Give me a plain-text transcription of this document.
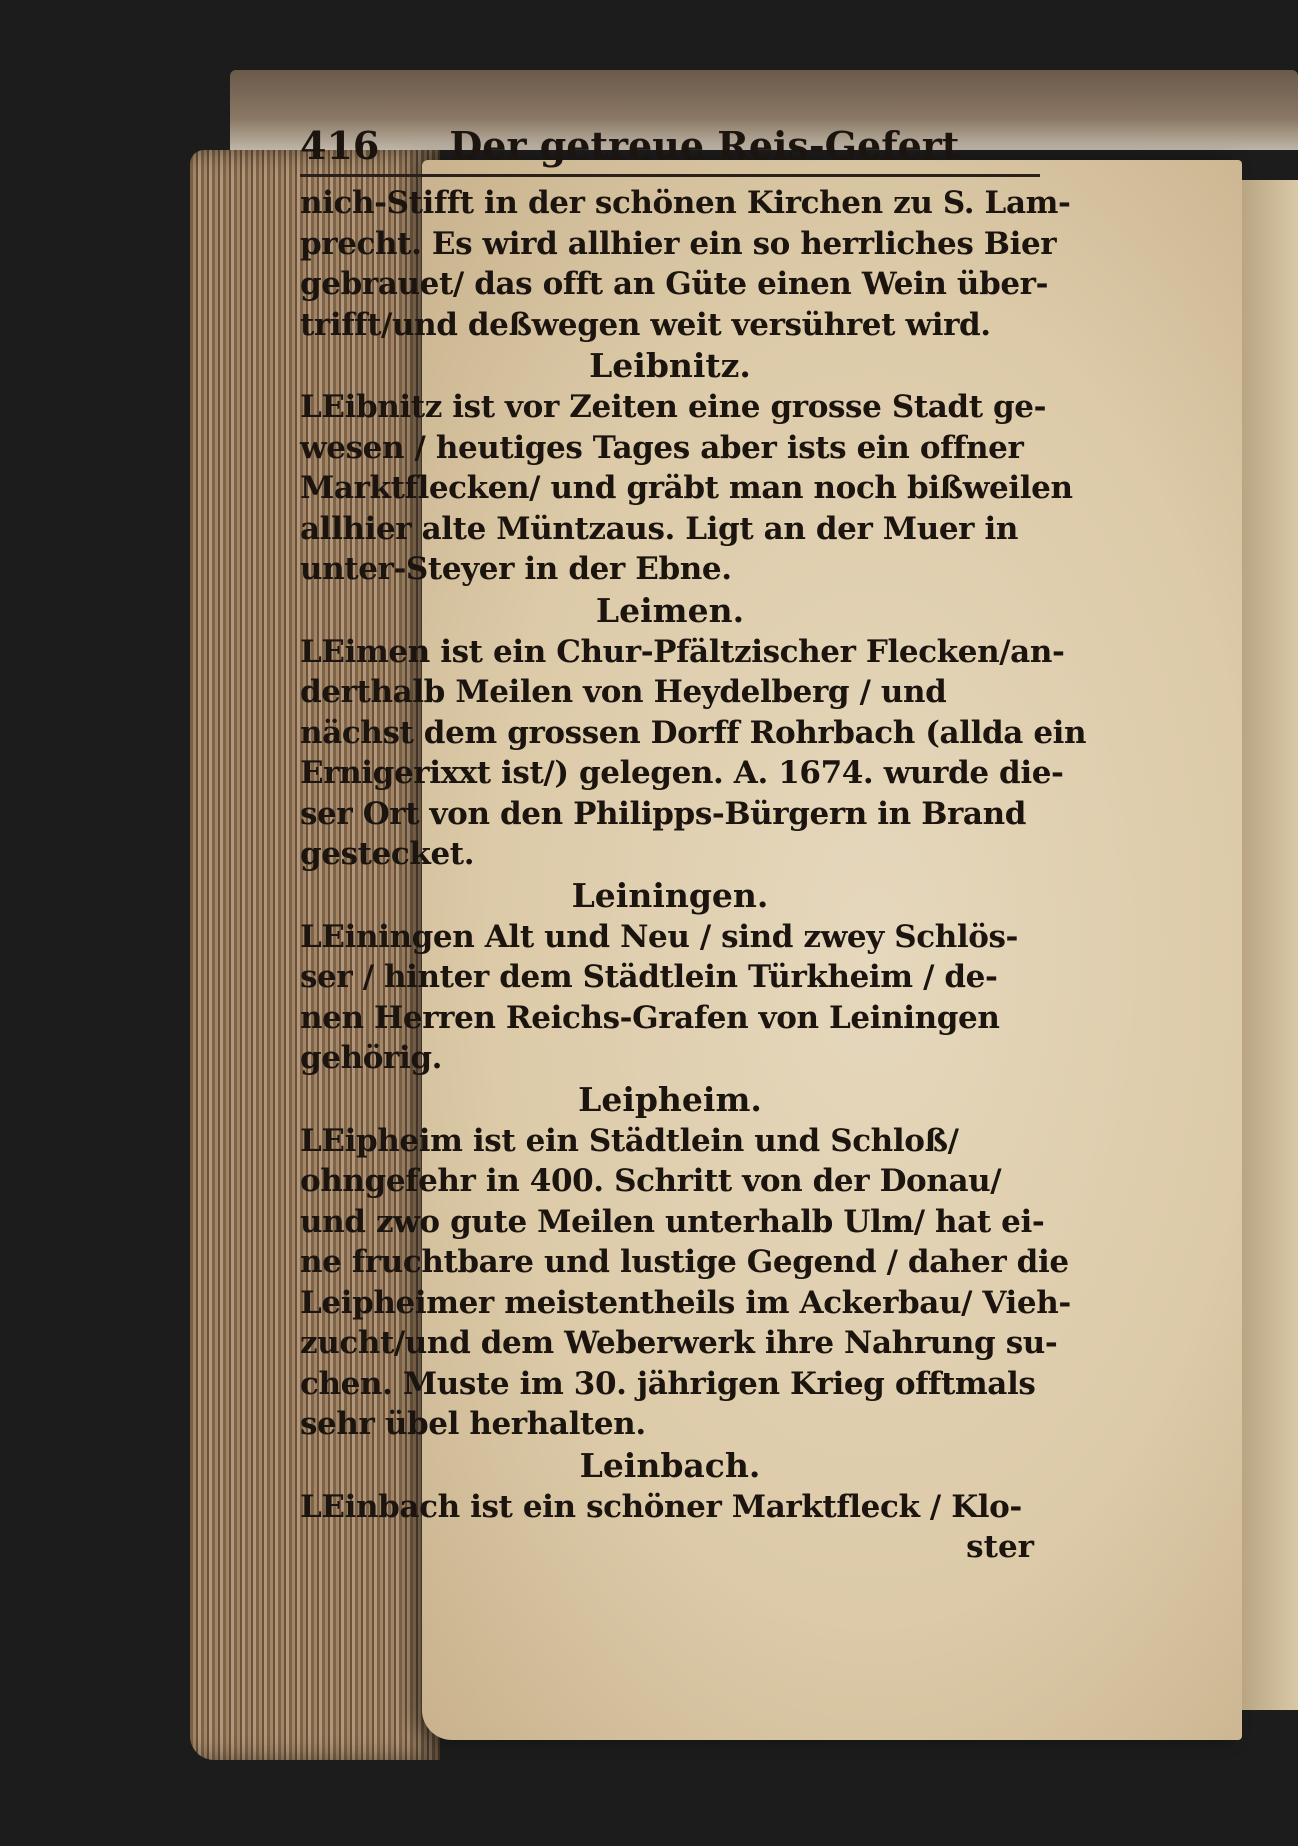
416 Der getreue Reis-Gefert
nich-Stifft in der schönen Kirchen zu S. Lam-
precht. Es wird allhier ein so herrliches Bier
gebrauet/ das offt an Güte einen Wein über-
trifft/und deßwegen weit versühret wird.
Leibnitz.
LEibnitz ist vor Zeiten eine grosse Stadt ge-
wesen / heutiges Tages aber ists ein offner
Marktflecken/ und gräbt man noch bißweilen
allhier alte Müntzaus. Ligt an der Muer in
unter-Steyer in der Ebne.
Leimen.
LEimen ist ein Chur-Pfältzischer Flecken/an-
derthalb Meilen von Heydelberg / und
nächst dem grossen Dorff Rohrbach (allda ein
Ernigerixxt ist/) gelegen. A. 1674. wurde die-
ser Ort von den Philipps-Bürgern in Brand
gestecket.
Leiningen.
LEiningen Alt und Neu / sind zwey Schlös-
ser / hinter dem Städtlein Türkheim / de-
nen Herren Reichs-Grafen von Leiningen
gehörig.
Leipheim.
LEipheim ist ein Städtlein und Schloß/
ohngefehr in 400. Schritt von der Donau/
und zwo gute Meilen unterhalb Ulm/ hat ei-
ne fruchtbare und lustige Gegend / daher die
Leipheimer meistentheils im Ackerbau/ Vieh-
zucht/und dem Weberwerk ihre Nahrung su-
chen. Muste im 30. jährigen Krieg offtmals
sehr übel herhalten.
Leinbach.
LEinbach ist ein schöner Marktfleck / Klo-
ster
